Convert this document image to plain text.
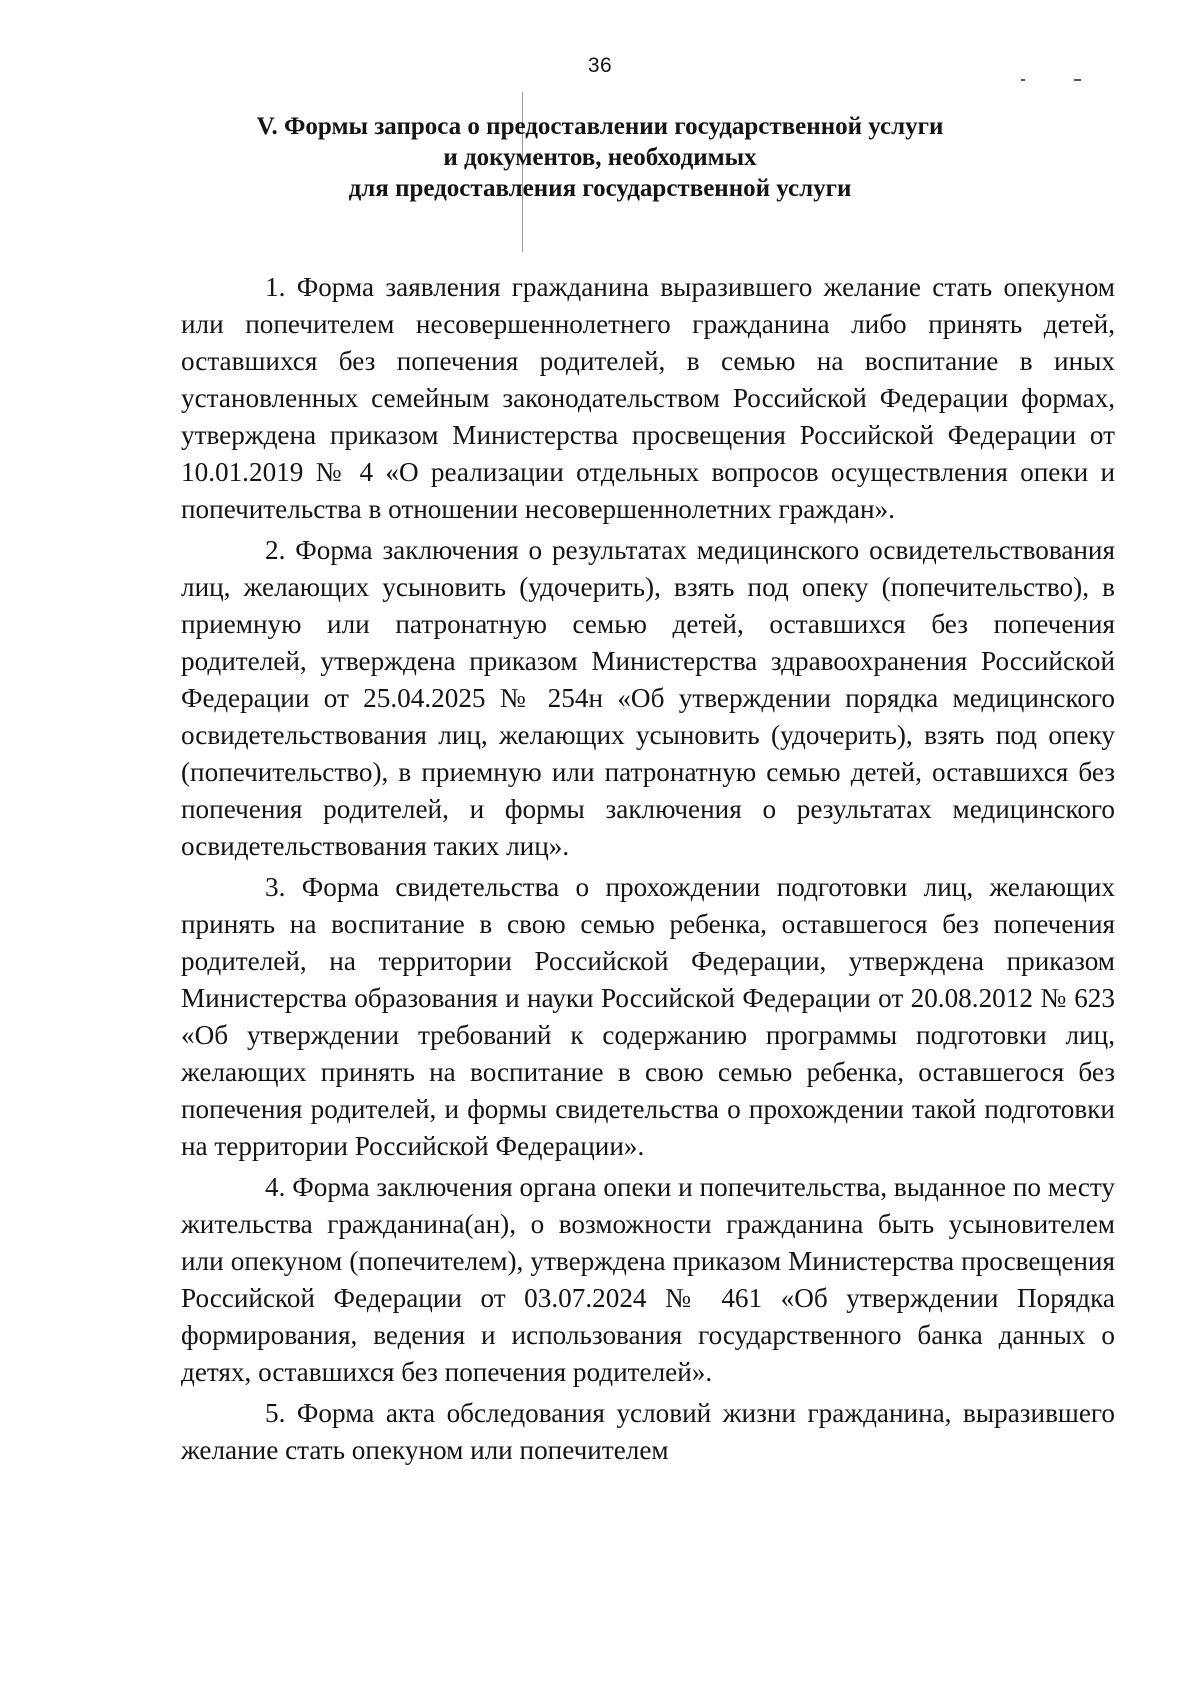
36
V. Формы запроса о предоставлении государственной услуги
и документов, необходимых
для предоставления государственной услуги

1. Форма заявления гражданина выразившего желание стать опекуном или попечителем несовершеннолетнего гражданина либо принять детей, оставшихся без попечения родителей, в семью на воспитание в иных установленных семейным законодательством Российской Федерации формах, утверждена приказом Министерства просвещения Российской Федерации от 10.01.2019 № 4 «О реализации отдельных вопросов осуществления опеки и попечительства в отношении несовершеннолетних граждан».

2. Форма заключения о результатах медицинского освидетельствования лиц, желающих усыновить (удочерить), взять под опеку (попечительство), в приемную или патронатную семью детей, оставшихся без попечения родителей, утверждена приказом Министерства здравоохранения Российской Федерации от 25.04.2025 № 254н «Об утверждении порядка медицинского освидетельствования лиц, желающих усыновить (удочерить), взять под опеку (попечительство), в приемную или патронатную семью детей, оставшихся без попечения родителей, и формы заключения о результатах медицинского освидетельствования таких лиц».

3. Форма свидетельства о прохождении подготовки лиц, желающих принять на воспитание в свою семью ребенка, оставшегося без попечения родителей, на территории Российской Федерации, утверждена приказом Министерства образования и науки Российской Федерации от 20.08.2012 № 623 «Об утверждении требований к содержанию программы подготовки лиц, желающих принять на воспитание в свою семью ребенка, оставшегося без попечения родителей, и формы свидетельства о прохождении такой подготовки на территории Российской Федерации».

4. Форма заключения органа опеки и попечительства, выданное по месту жительства гражданина(ан), о возможности гражданина быть усыновителем или опекуном (попечителем), утверждена приказом Министерства просвещения Российской Федерации от 03.07.2024 № 461 «Об утверждении Порядка формирования, ведения и использования государственного банка данных о детях, оставшихся без попечения родителей».

5. Форма акта обследования условий жизни гражданина, выразившего желание стать опекуном или попечителем
